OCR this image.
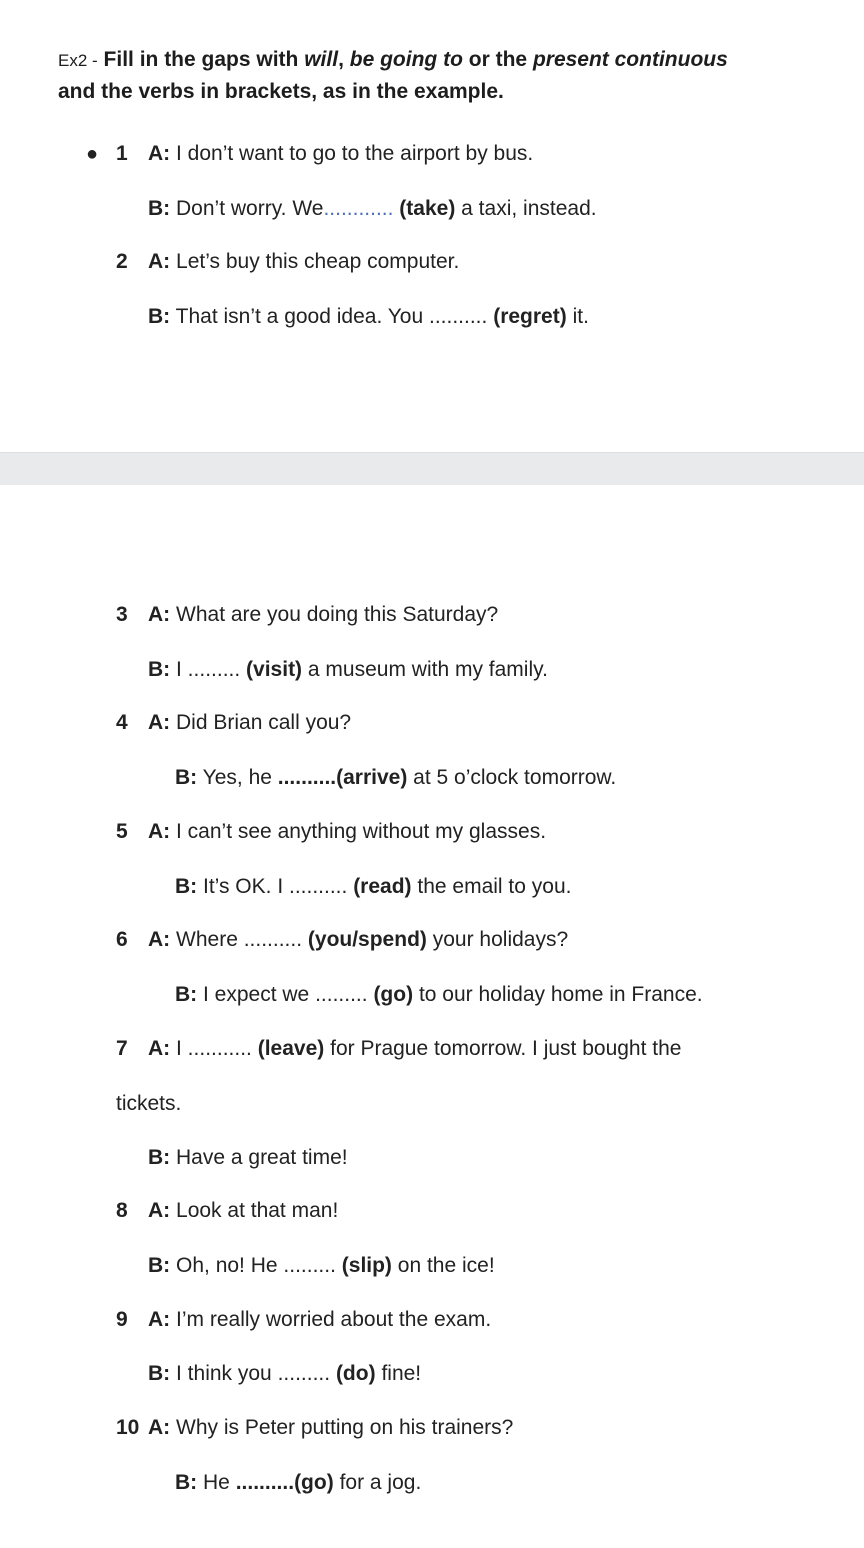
Ex2 - Fill in the gaps with will, be going to or the present continuous
and the verbs in brackets, as in the example.
● 1 A: I don’t want to go to the airport by bus.
B: Don’t worry. We............ (take) a taxi, instead.
2 A: Let’s buy this cheap computer.
B: That isn’t a good idea. You .......... (regret) it.
3 A: What are you doing this Saturday?
B: I ......... (visit) a museum with my family.
4 A: Did Brian call you?
B: Yes, he ..........(arrive) at 5 o’clock tomorrow.
5 A: I can’t see anything without my glasses.
B: It’s OK. I .......... (read) the email to you.
6 A: Where .......... (you/spend) your holidays?
B: I expect we ......... (go) to our holiday home in France.
7 A: I ........... (leave) for Prague tomorrow. I just bought the
tickets.
B: Have a great time!
8 A: Look at that man!
B: Oh, no! He ......... (slip) on the ice!
9 A: I’m really worried about the exam.
B: I think you ......... (do) fine!
10 A: Why is Peter putting on his trainers?
B: He ..........(go) for a jog.
